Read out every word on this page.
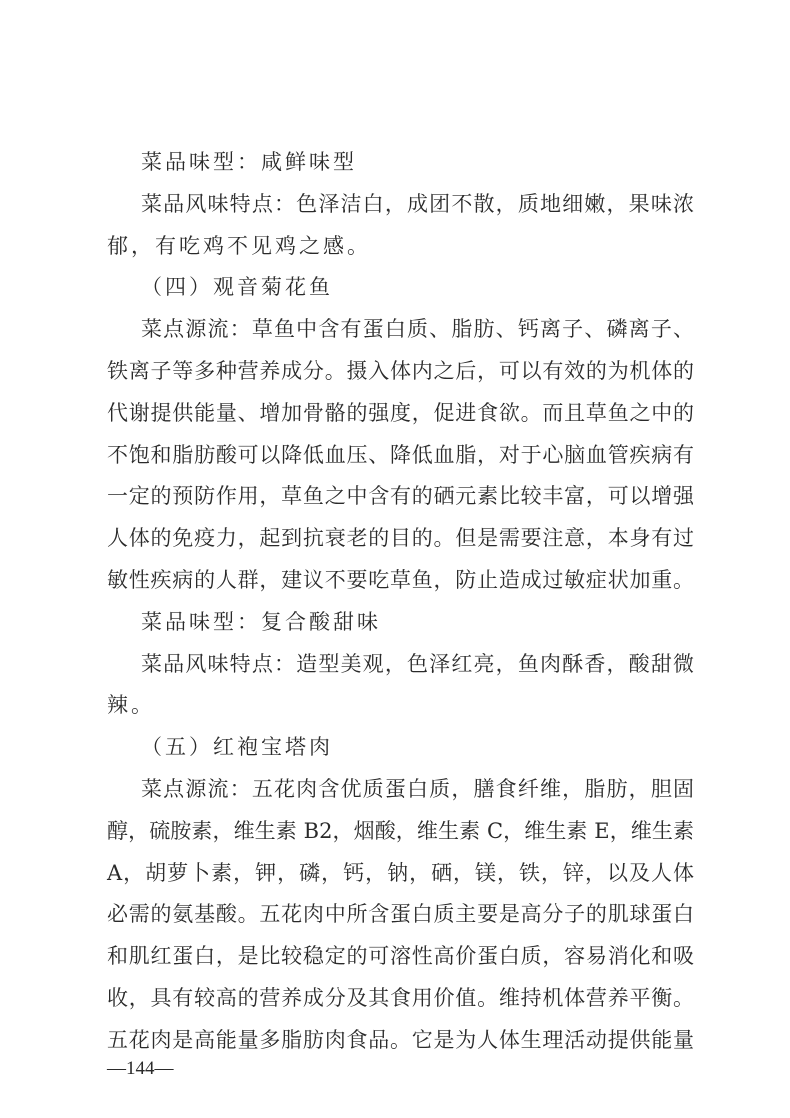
菜品味型：咸鲜味型
菜品风味特点：色泽洁白，成团不散，质地细嫩，果味浓
郁，有吃鸡不见鸡之感。
（四）观音菊花鱼
菜点源流：草鱼中含有蛋白质、脂肪、钙离子、磷离子、
铁离子等多种营养成分。摄入体内之后，可以有效的为机体的
代谢提供能量、增加骨骼的强度，促进食欲。而且草鱼之中的
不饱和脂肪酸可以降低血压、降低血脂，对于心脑血管疾病有
一定的预防作用，草鱼之中含有的硒元素比较丰富，可以增强
人体的免疫力，起到抗衰老的目的。但是需要注意，本身有过
敏性疾病的人群，建议不要吃草鱼，防止造成过敏症状加重。
菜品味型：复合酸甜味
菜品风味特点：造型美观，色泽红亮，鱼肉酥香，酸甜微
辣。
（五）红袍宝塔肉
菜点源流：五花肉含优质蛋白质，膳食纤维，脂肪，胆固
醇，硫胺素，维生素 B2，烟酸，维生素 C，维生素 E，维生素
A，胡萝卜素，钾，磷，钙，钠，硒，镁，铁，锌，以及人体
必需的氨基酸。五花肉中所含蛋白质主要是高分子的肌球蛋白
和肌红蛋白，是比较稳定的可溶性高价蛋白质，容易消化和吸
收，具有较高的营养成分及其食用价值。维持机体营养平衡。
五花肉是高能量多脂肪肉食品。它是为人体生理活动提供能量
—144—
